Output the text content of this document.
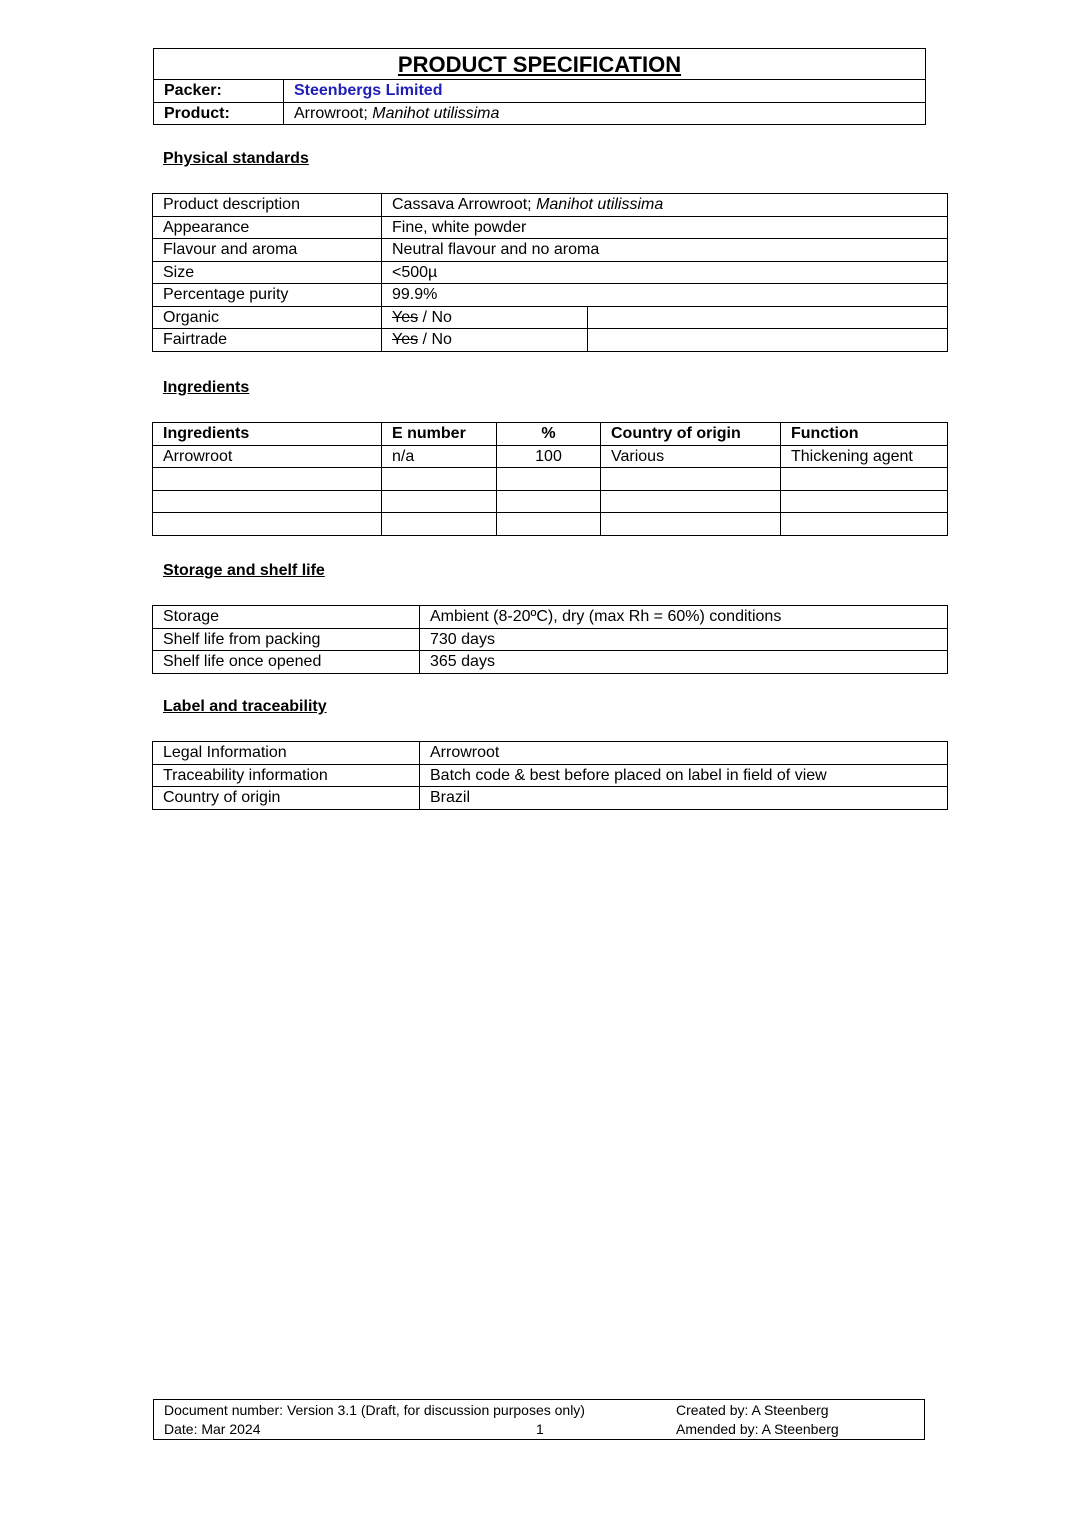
PRODUCT SPECIFICATION	
Packer:	Steenbergs Limited
Product:	Arrowroot; Manihot utilissima
Physical standards
Product description	Cassava Arrowroot; Manihot utilissima	
Appearance	Fine, white powder	
Flavour and aroma	Neutral flavour and no aroma	
Size	<500µ	
Percentage purity	99.9%	
Organic	Yes / No	
Fairtrade	Yes / No	
Ingredients
Ingredients	E number	%	Country of origin	Function
Arrowroot	n/a	100	Various	Thickening agent

Storage and shelf life
Storage	Ambient (8-20ºC), dry (max Rh = 60%) conditions
Shelf life from packing	730 days
Shelf life once opened	365 days
Label and traceability
Legal Information	Arrowroot
Traceability information	Batch code & best before placed on label in field of view
Country of origin	Brazil
Document number: Version 3.1 (Draft, for discussion purposes only)
Date: Mar 2024	1
Created by: A Steenberg
Amended by: A Steenberg
